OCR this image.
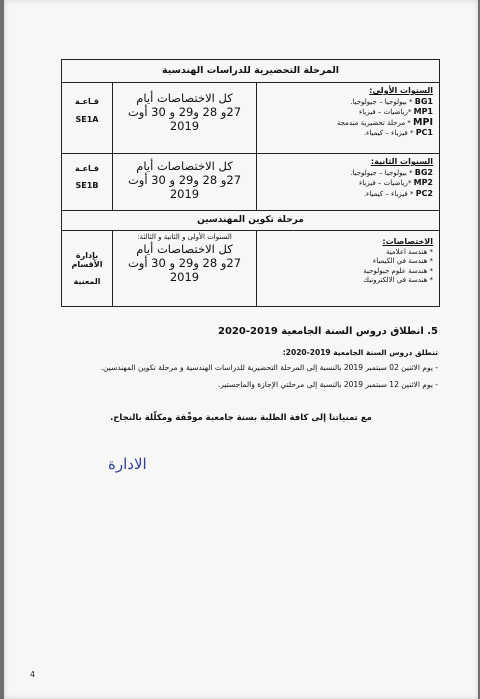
المرحلة التحضيرية للدراسات الهندسية
السنوات الأولى:
BG1 * بيولوجيا – جيولوجيا.
MP1 *رياضيات – فيزياء
MPI * مرحلة تحضيرية مندمجة
PC1 * فيزياء – كيمياء.
كل الاختصاصات أيام
27و 28 و29 و 30 أوت
2019
قـاعـة
SE1A
السنوات الثانية:
BG2 * بيولوجيا – جيولوجيا.
MP2 *رياضيات – فيزياء
PC2 * فيزياء – كيمياء.
كل الاختصاصات أيام
27و 28 و29 و 30 أوت
2019
قـاعـة
SE1B
مرحلة تكوين المهندسين
الاختصاصات:
* هندسة اعلامية
* هندسة في الكيمياء
* هندسة علوم جيولوجية
* هندسة في الالكترونيك
السنوات الأولى و الثانية و الثالثة:
كل الاختصاصات أيام
27و 28 و29 و 30 أوت
2019
بإدارة الأقسام
المعنية
5. انطلاق دروس السنة الجامعية 2019-2020
تنطلق دروس السنة الجامعية 2019-2020:
- يوم الاثنين 02 سبتمبر 2019 بالنسبة إلى المرحلة التحضيرية للدراسات الهندسية و مرحلة تكوين المهندسين.
- يوم الاثنين 12 سبتمبر 2019 بالنسبة إلى مرحلتي الإجازة والماجستير.
مع تمنياتنا إلى كافة الطلبة بسنة جامعية موفّقة ومكلّلة بالنجاح.
الادارة
4
